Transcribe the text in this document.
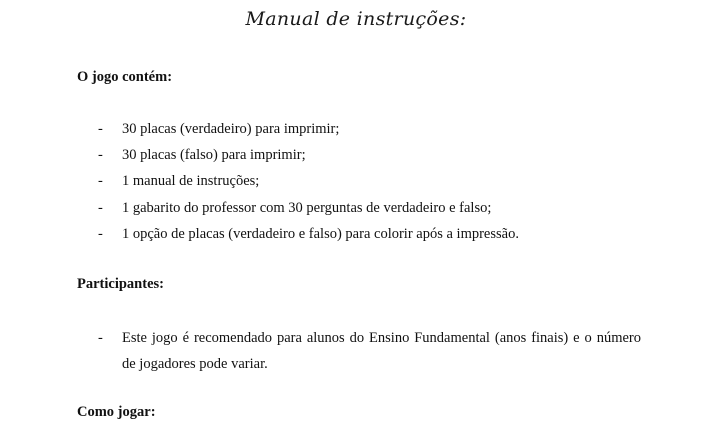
Manual de instruções:
O jogo contém:
- 30 placas (verdadeiro) para imprimir;
- 30 placas (falso) para imprimir;
- 1 manual de instruções;
- 1 gabarito do professor com 30 perguntas de verdadeiro e falso;
- 1 opção de placas (verdadeiro e falso) para colorir após a impressão.
Participantes:
- Este jogo é recomendado para alunos do Ensino Fundamental (anos finais) e o número de jogadores pode variar.
Como jogar:
